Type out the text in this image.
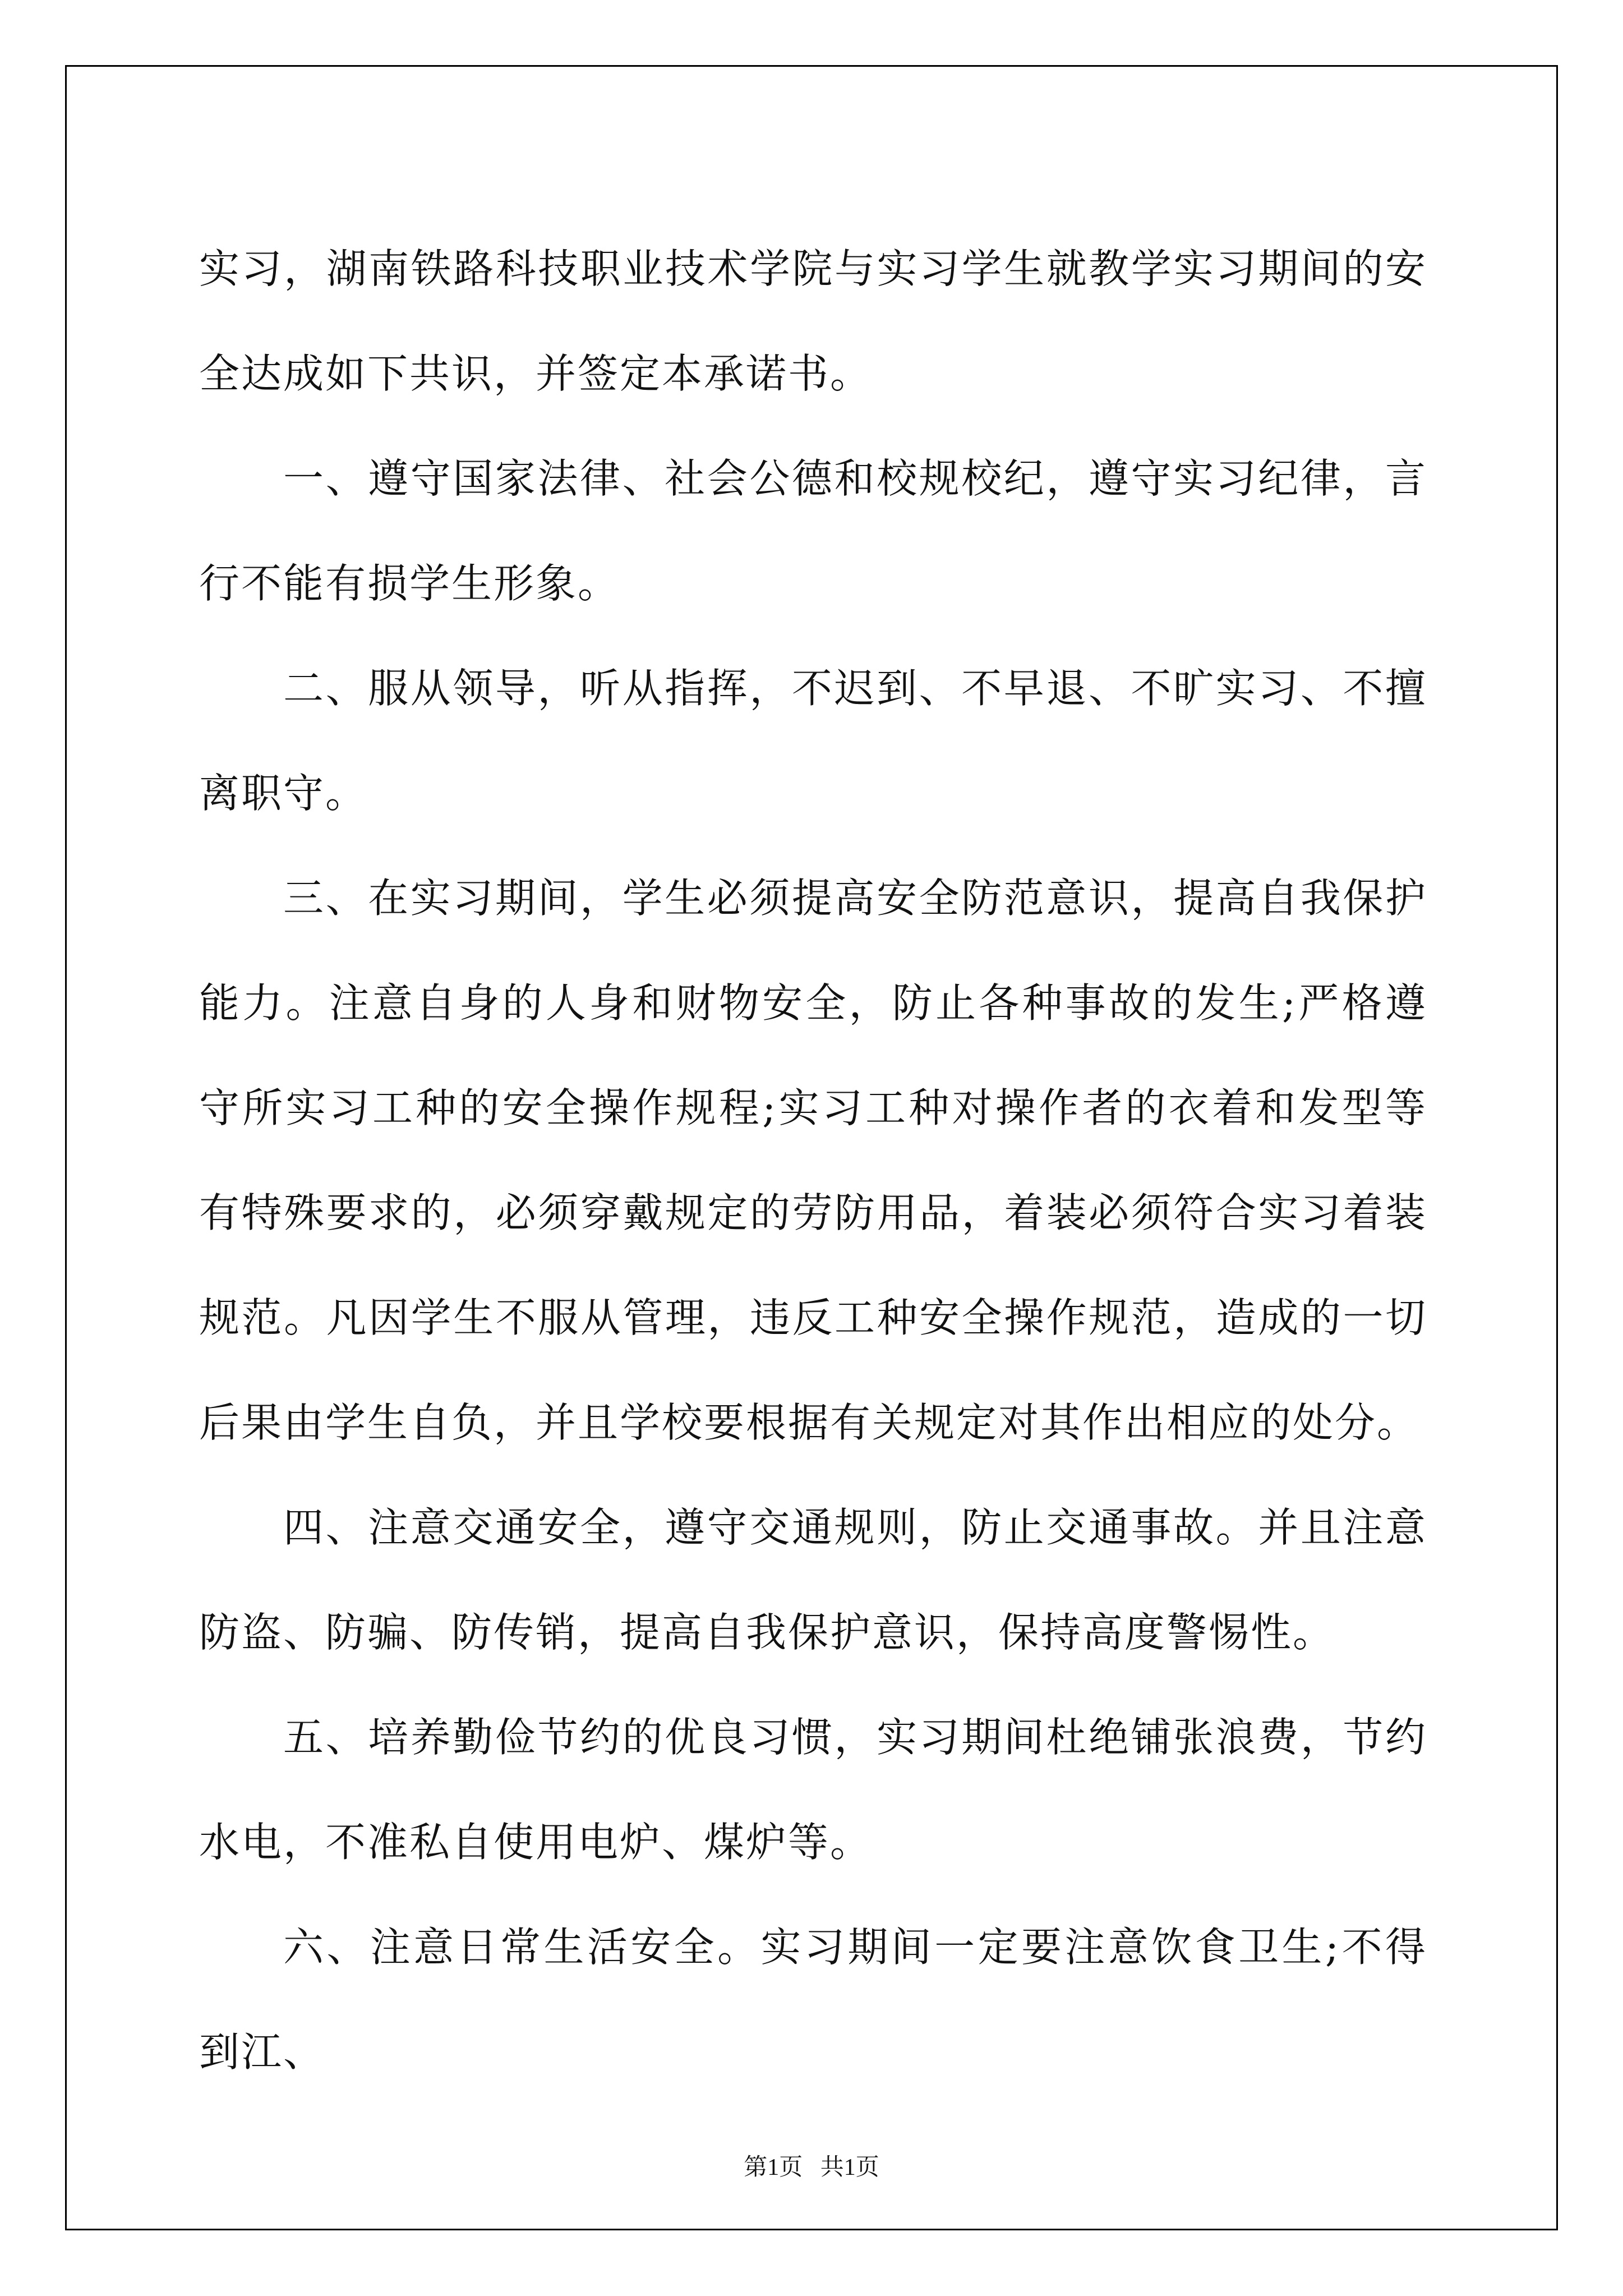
实习，湖南铁路科技职业技术学院与实习学生就教学实习期间的安全达成如下共识，并签定本承诺书。

一、遵守国家法律、社会公德和校规校纪，遵守实习纪律，言行不能有损学生形象。

二、服从领导，听从指挥，不迟到、不早退、不旷实习、不擅离职守。

三、在实习期间，学生必须提高安全防范意识，提高自我保护能力。注意自身的人身和财物安全，防止各种事故的发生;严格遵守所实习工种的安全操作规程;实习工种对操作者的衣着和发型等有特殊要求的，必须穿戴规定的劳防用品，着装必须符合实习着装规范。凡因学生不服从管理，违反工种安全操作规范，造成的一切后果由学生自负，并且学校要根据有关规定对其作出相应的处分。

四、注意交通安全，遵守交通规则，防止交通事故。并且注意防盗、防骗、防传销，提高自我保护意识，保持高度警惕性。

五、培养勤俭节约的优良习惯，实习期间杜绝铺张浪费，节约水电，不准私自使用电炉、煤炉等。

六、注意日常生活安全。实习期间一定要注意饮食卫生;不得到江、

第1页 共1页
